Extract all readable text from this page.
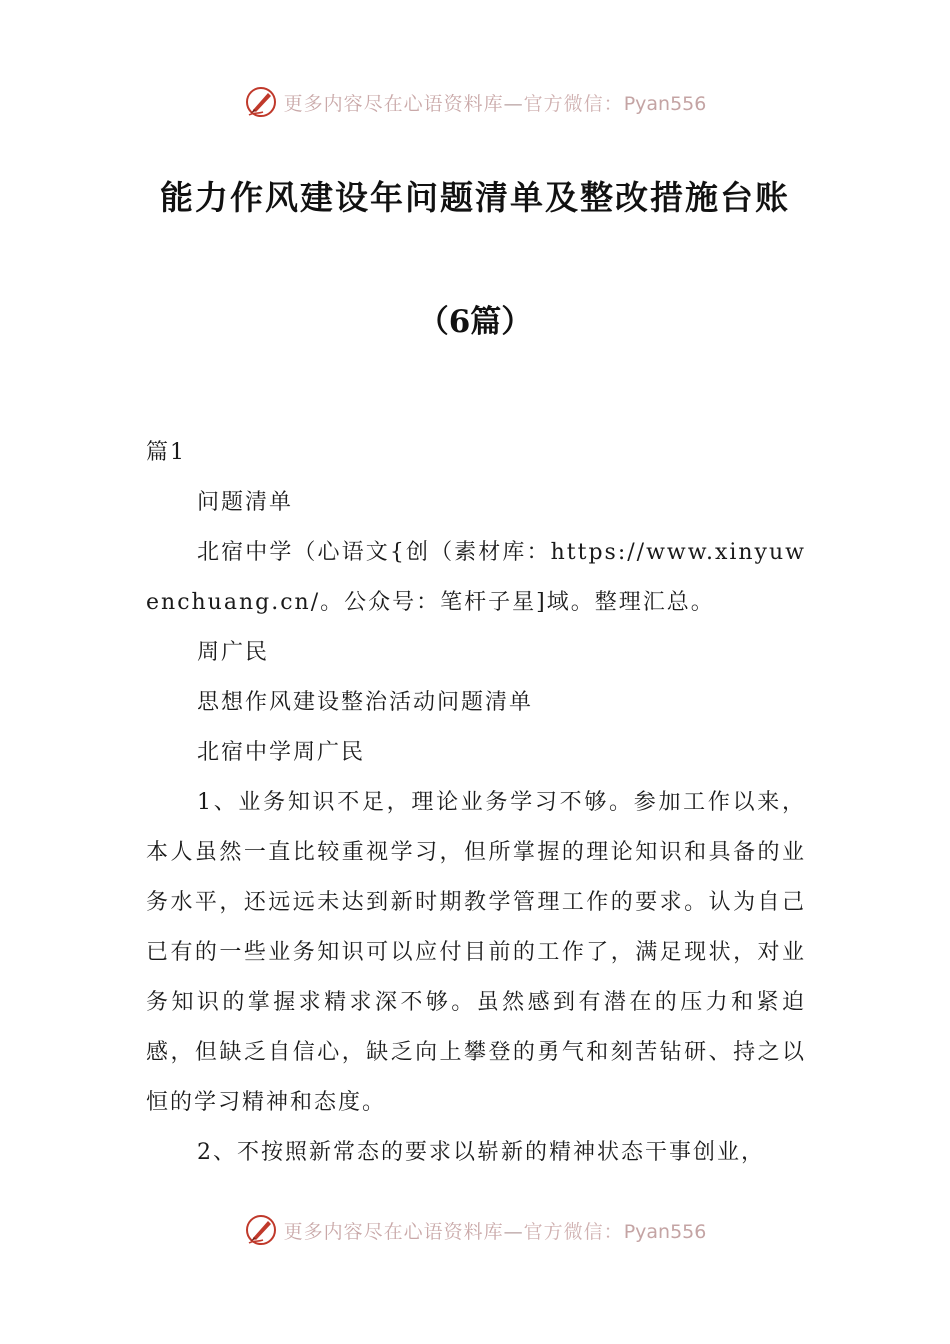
更多内容尽在心语资料库—官方微信：Pyan556
能力作风建设年问题清单及整改措施台账
（6篇）

篇1

问题清单

北宿中学（心语文{创（素材库：https://www.xinyuwenchuang.cn/。公众号：笔杆子星]域。整理汇总。

周广民

思想作风建设整治活动问题清单

北宿中学周广民

1、业务知识不足，理论业务学习不够。参加工作以来，本人虽然一直比较重视学习，但所掌握的理论知识和具备的业务水平，还远远未达到新时期教学管理工作的要求。认为自己已有的一些业务知识可以应付目前的工作了，满足现状，对业务知识的掌握求精求深不够。虽然感到有潜在的压力和紧迫感，但缺乏自信心，缺乏向上攀登的勇气和刻苦钻研、持之以恒的学习精神和态度。

2、不按照新常态的要求以崭新的精神状态干事创业，

更多内容尽在心语资料库—官方微信：Pyan556
